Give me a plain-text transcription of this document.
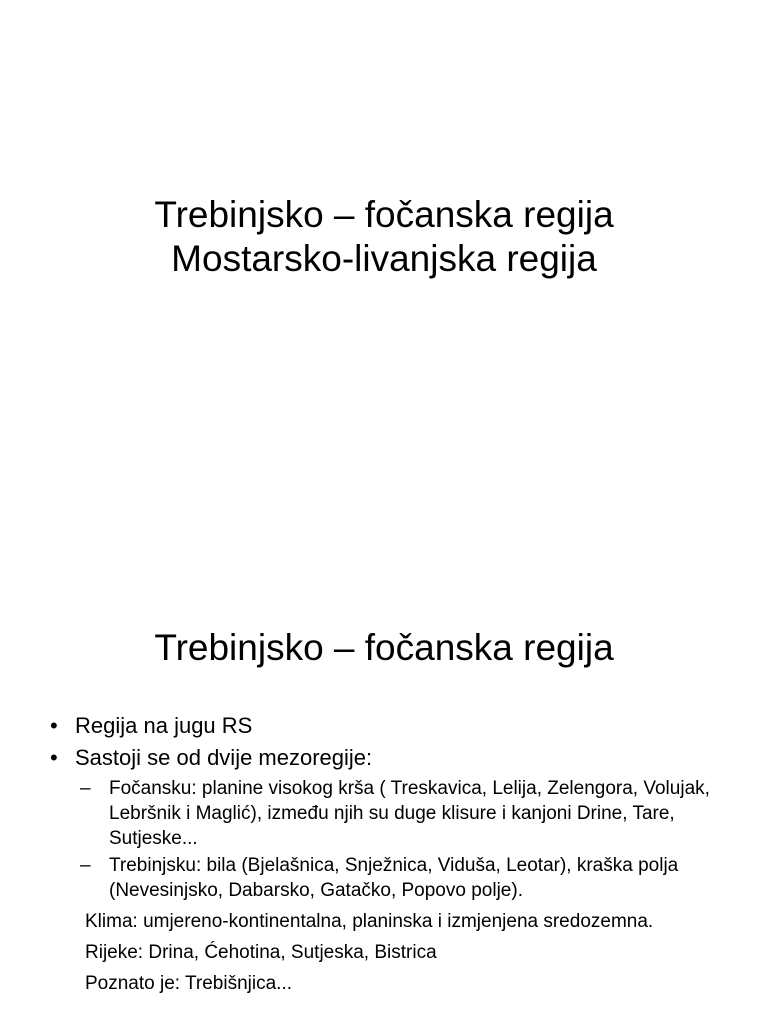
Trebinjsko – fočanska regija
Mostarsko-livanjska regija
Trebinjsko – fočanska regija
• Regija na jugu RS
• Sastoji se od dvije mezoregije:
– Fočansku: planine visokog krša ( Treskavica, Lelija, Zelengora, Volujak, Lebršnik i Maglić), između njih su duge klisure i kanjoni Drine, Tare, Sutjeske...
– Trebinjsku: bila (Bjelašnica, Snježnica, Viduša, Leotar), kraška polja (Nevesinjsko, Dabarsko, Gatačko, Popovo polje).
Klima: umjereno-kontinentalna, planinska i izmjenjena sredozemna.
Rijeke: Drina, Ćehotina, Sutjeska, Bistrica
Poznato je: Trebišnjica...
